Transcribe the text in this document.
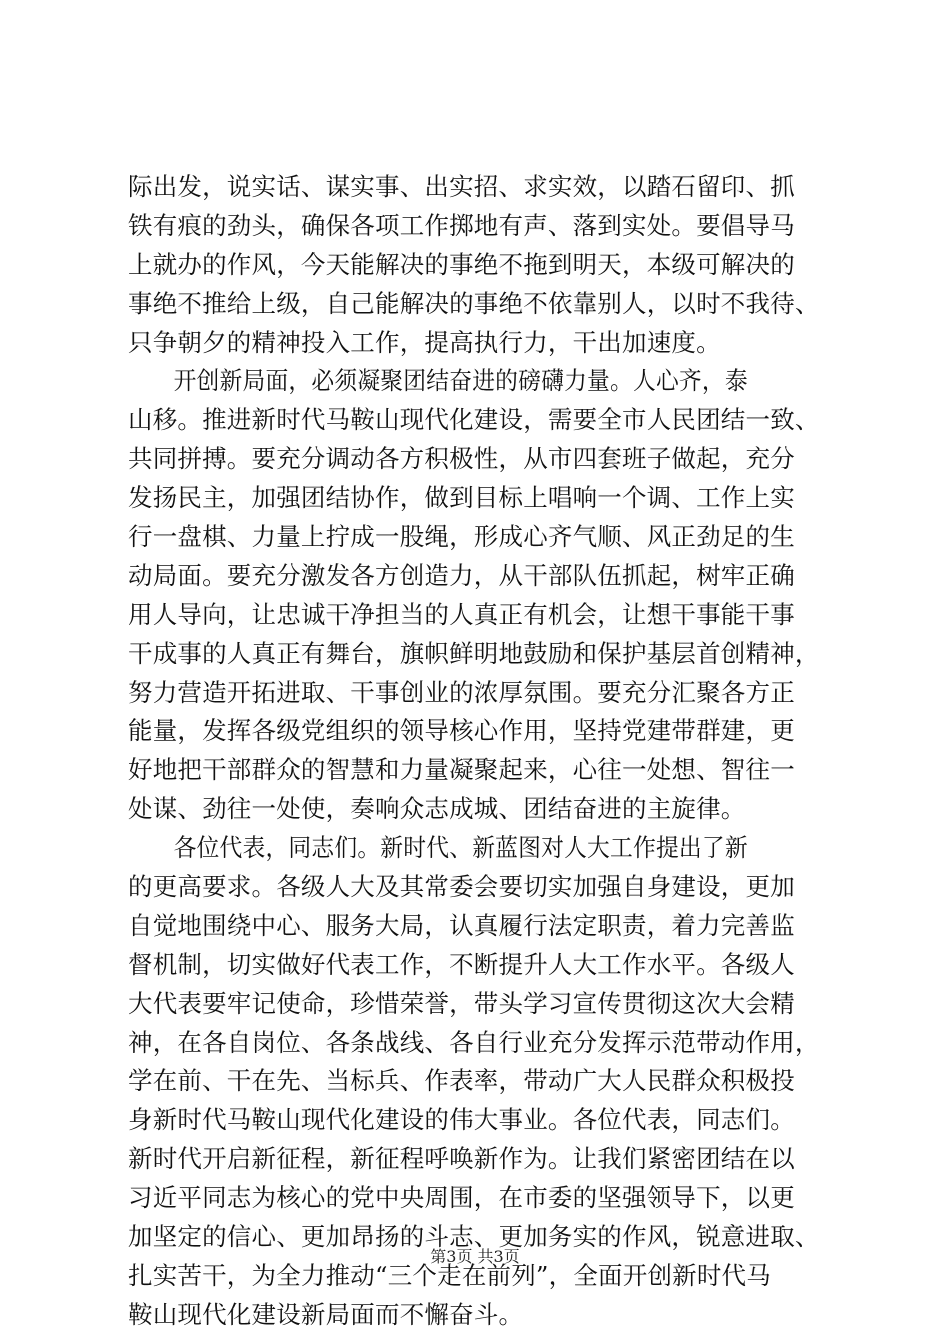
际出发，说实话、谋实事、出实招、求实效，以踏石留印、抓
铁有痕的劲头，确保各项工作掷地有声、落到实处。要倡导马
上就办的作风，今天能解决的事绝不拖到明天，本级可解决的
事绝不推给上级，自己能解决的事绝不依靠别人，以时不我待、
只争朝夕的精神投入工作，提高执行力，干出加速度。
开创新局面，必须凝聚团结奋进的磅礴力量。人心齐，泰
山移。推进新时代马鞍山现代化建设，需要全市人民团结一致、
共同拼搏。要充分调动各方积极性，从市四套班子做起，充分
发扬民主，加强团结协作，做到目标上唱响一个调、工作上实
行一盘棋、力量上拧成一股绳，形成心齐气顺、风正劲足的生
动局面。要充分激发各方创造力，从干部队伍抓起，树牢正确
用人导向，让忠诚干净担当的人真正有机会，让想干事能干事
干成事的人真正有舞台，旗帜鲜明地鼓励和保护基层首创精神，
努力营造开拓进取、干事创业的浓厚氛围。要充分汇聚各方正
能量，发挥各级党组织的领导核心作用，坚持党建带群建，更
好地把干部群众的智慧和力量凝聚起来，心往一处想、智往一
处谋、劲往一处使，奏响众志成城、团结奋进的主旋律。
各位代表，同志们。新时代、新蓝图对人大工作提出了新
的更高要求。各级人大及其常委会要切实加强自身建设，更加
自觉地围绕中心、服务大局，认真履行法定职责，着力完善监
督机制，切实做好代表工作，不断提升人大工作水平。各级人
大代表要牢记使命，珍惜荣誉，带头学习宣传贯彻这次大会精
神，在各自岗位、各条战线、各自行业充分发挥示范带动作用，
学在前、干在先、当标兵、作表率，带动广大人民群众积极投
身新时代马鞍山现代化建设的伟大事业。各位代表，同志们。
新时代开启新征程，新征程呼唤新作为。让我们紧密团结在以
习近平同志为核心的党中央周围，在市委的坚强领导下，以更
加坚定的信心、更加昂扬的斗志、更加务实的作风，锐意进取、
扎实苦干，为全力推动“三个走在前列”，全面开创新时代马
鞍山现代化建设新局面而不懈奋斗。
第3页 共3页
